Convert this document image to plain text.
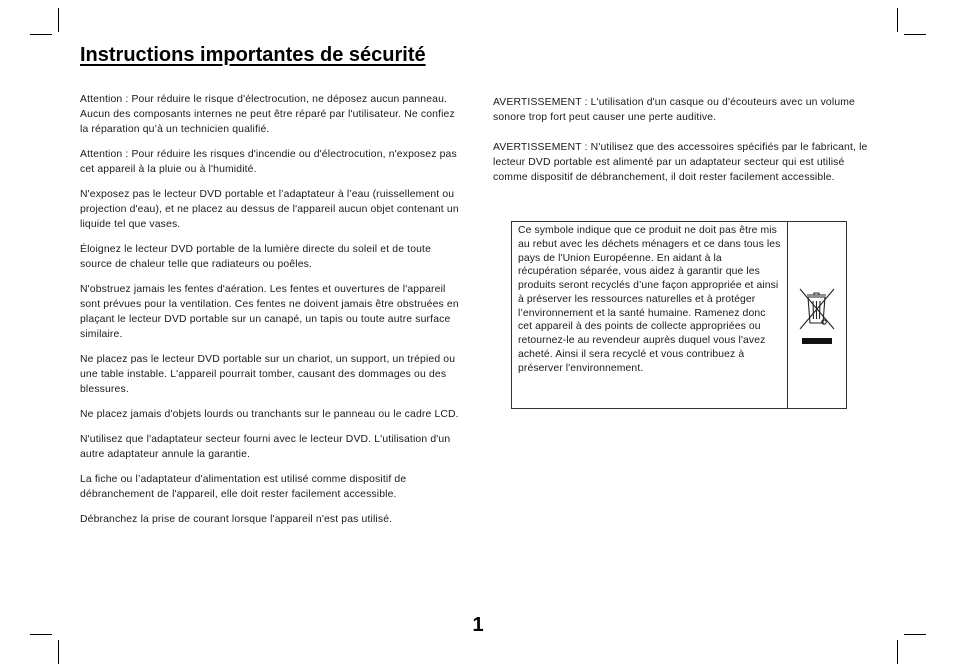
Instructions importantes de sécurité

Attention : Pour réduire le risque d'électrocution, ne déposez aucun panneau. Aucun des composants internes ne peut être réparé par l'utilisateur. Ne confiez la réparation qu’à un technicien qualifié.

Attention : Pour réduire les risques d'incendie ou d'électrocution, n'exposez pas cet appareil à la pluie ou à l'humidité.

N'exposez pas le lecteur DVD portable et l’adaptateur à l’eau (ruissellement ou projection d'eau), et ne placez au dessus de l'appareil aucun objet contenant un liquide tel que vases.

Éloignez le lecteur DVD portable de la lumière directe du soleil et de toute source de chaleur telle que radiateurs ou poêles.

N'obstruez jamais les fentes d'aération. Les fentes et ouvertures de l'appareil sont prévues pour la ventilation. Ces fentes ne doivent jamais être obstruées en plaçant le lecteur DVD portable sur un canapé, un tapis ou toute autre surface similaire.

Ne placez pas le lecteur DVD portable sur un chariot, un support, un trépied ou une table instable. L'appareil pourrait tomber, causant des dommages ou des blessures.

Ne placez jamais d'objets lourds ou tranchants sur le panneau ou le cadre LCD.

N'utilisez que l'adaptateur secteur fourni avec le lecteur DVD. L'utilisation d'un autre adaptateur annule la garantie.

La fiche ou l’adaptateur d'alimentation est utilisé comme dispositif de débranchement de l'appareil, elle doit rester facilement accessible.

Débranchez la prise de courant lorsque l'appareil n'est pas utilisé.

AVERTISSEMENT : L'utilisation d'un casque ou d'écouteurs avec un volume sonore trop fort peut causer une perte auditive.

AVERTISSEMENT : N'utilisez que des accessoires spécifiés par le fabricant, le lecteur DVD portable est alimenté par un adaptateur secteur qui est utilisé comme dispositif de débranchement, il doit rester facilement accessible.

Ce symbole indique que ce produit ne doit pas être mis au rebut avec les déchets ménagers et ce dans tous les pays de l'Union Européenne. En aidant à la récupération séparée, vous aidez à garantir que les produits seront recyclés d’une façon appropriée et ainsi à préserver les ressources naturelles et à protéger l’environnement et la santé humaine. Ramenez donc cet appareil à des points de collecte appropriées ou retournez-le au revendeur auprès duquel vous l'avez acheté. Ainsi il sera recyclé et vous contribuez à préserver l'environnement.
1
